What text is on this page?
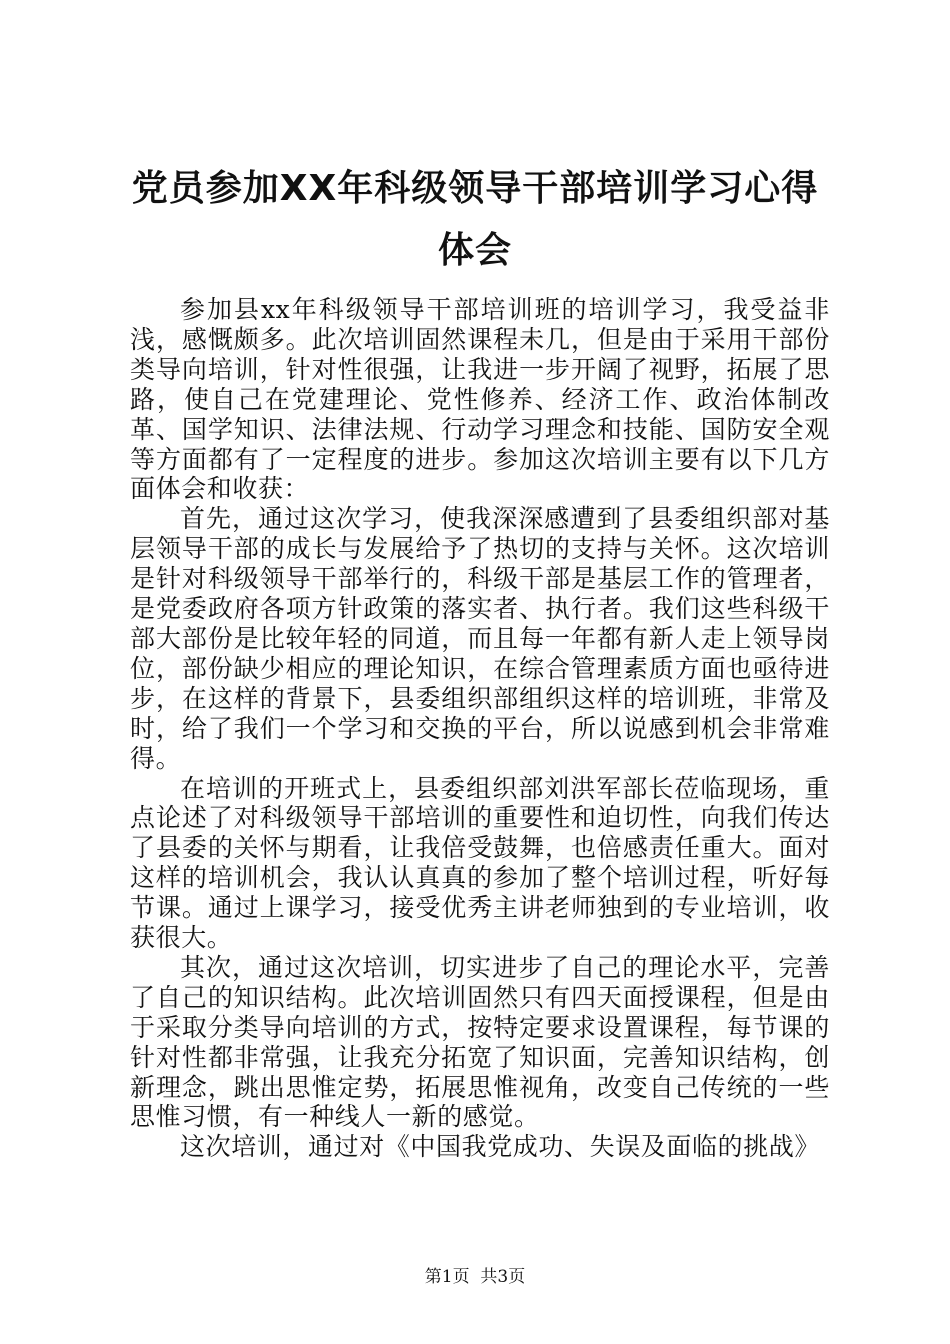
党员参加XX年科级领导干部培训学习心得体会

参加县xx年科级领导干部培训班的培训学习，我受益非浅，感慨颇多。此次培训固然课程未几，但是由于采用干部份类导向培训，针对性很强，让我进一步开阔了视野，拓展了思路，使自己在党建理论、党性修养、经济工作、政治体制改革、国学知识、法律法规、行动学习理念和技能、国防安全观等方面都有了一定程度的进步。参加这次培训主要有以下几方面体会和收获：

首先，通过这次学习，使我深深感遭到了县委组织部对基层领导干部的成长与发展给予了热切的支持与关怀。这次培训是针对科级领导干部举行的，科级干部是基层工作的管理者，是党委政府各项方针政策的落实者、执行者。我们这些科级干部大部份是比较年轻的同道，而且每一年都有新人走上领导岗位，部份缺少相应的理论知识，在综合管理素质方面也亟待进步，在这样的背景下，县委组织部组织这样的培训班，非常及时，给了我们一个学习和交换的平台，所以说感到机会非常难得。

在培训的开班式上，县委组织部刘洪军部长莅临现场，重点论述了对科级领导干部培训的重要性和迫切性，向我们传达了县委的关怀与期看，让我倍受鼓舞，也倍感责任重大。面对这样的培训机会，我认认真真的参加了整个培训过程，听好每节课。通过上课学习，接受优秀主讲老师独到的专业培训，收获很大。

其次，通过这次培训，切实进步了自己的理论水平，完善了自己的知识结构。此次培训固然只有四天面授课程，但是由于采取分类导向培训的方式，按特定要求设置课程，每节课的针对性都非常强，让我充分拓宽了知识面，完善知识结构，创新理念，跳出思惟定势，拓展思惟视角，改变自己传统的一些思惟习惯，有一种线人一新的感觉。

这次培训，通过对《中国我党成功、失误及面临的挑战》

第1页 共3页
